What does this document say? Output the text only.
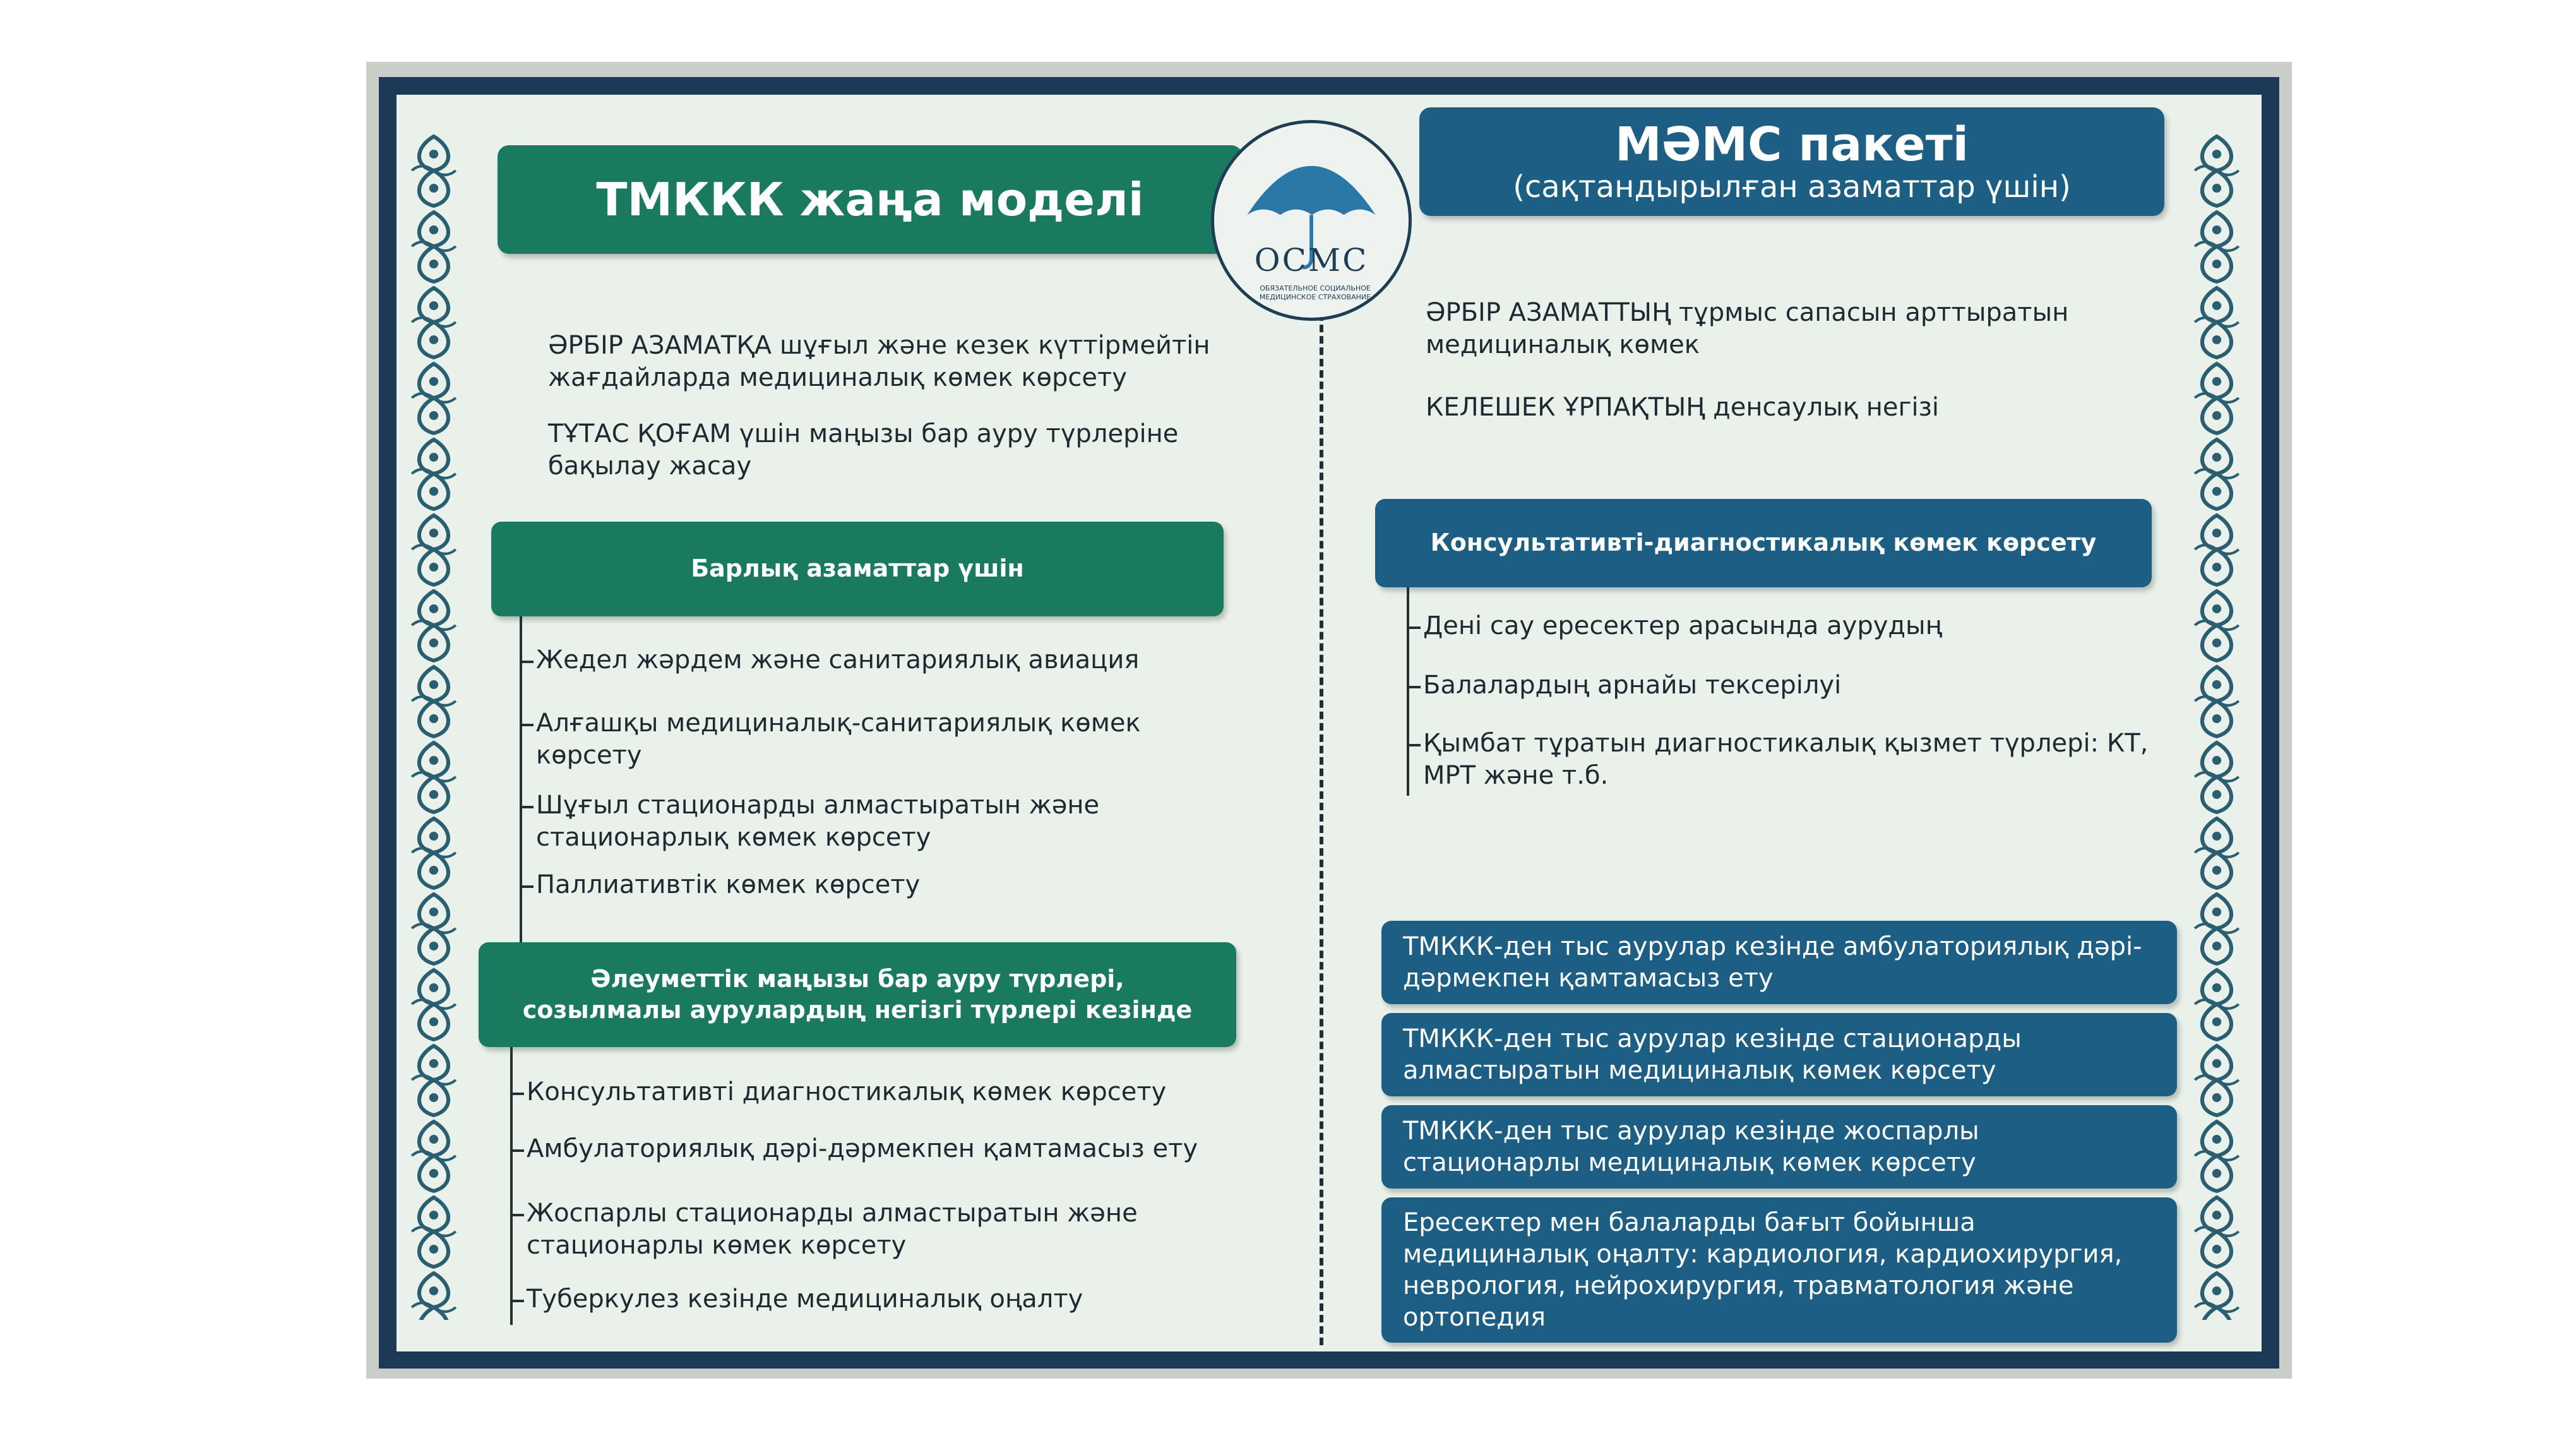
ТМККК жаңа моделі
МӘМС пакеті
(сақтандырылған азаматтар үшін)
ОСМС
ОБЯЗАТЕЛЬНОЕ СОЦИАЛЬНОЕ МЕДИЦИНСКОЕ СТРАХОВАНИЕ
ӘРБІР АЗАМАТҚА шұғыл және кезек күттірмейтін жағдайларда медициналық көмек көрсету
ТҰТАС ҚОҒАМ үшін маңызы бар ауру түрлеріне бақылау жасау
Барлық азаматтар үшін
Жедел жәрдем және санитариялық авиация
Алғашқы медициналық-санитариялық көмек көрсету
Шұғыл стационарды алмастыратын және стационарлық көмек көрсету
Паллиативтік көмек көрсету
Әлеуметтік маңызы бар ауру түрлері,
созылмалы аурулардың негізгі түрлері кезінде
Консультативті диагностикалық көмек көрсету
Амбулаториялық дәрі-дәрмекпен қамтамасыз ету
Жоспарлы стационарды алмастыратын және стационарлы көмек көрсету
Туберкулез кезінде медициналық оңалту
ӘРБІР АЗАМАТТЫҢ тұрмыс сапасын арттыратын медициналық көмек
КЕЛЕШЕК ҰРПАҚТЫҢ денсаулық негізі
Консультативті-диагностикалық көмек көрсету
Дені сау ересектер арасында аурудың
Балалардың арнайы тексерілуі
Қымбат тұратын диагностикалық қызмет түрлері: КТ, МРТ және т.б.
ТМККК-ден тыс аурулар кезінде амбулаториялық дәрі-дәрмекпен қамтамасыз ету
ТМККК-ден тыс аурулар кезінде стационарды алмастыратын медициналық көмек көрсету
ТМККК-ден тыс аурулар кезінде жоспарлы стационарлы медициналық көмек көрсету
Ересектер мен балаларды бағыт бойынша медициналық оңалту: кардиология, кардиохирургия, неврология, нейрохирургия, травматология және ортопедия
